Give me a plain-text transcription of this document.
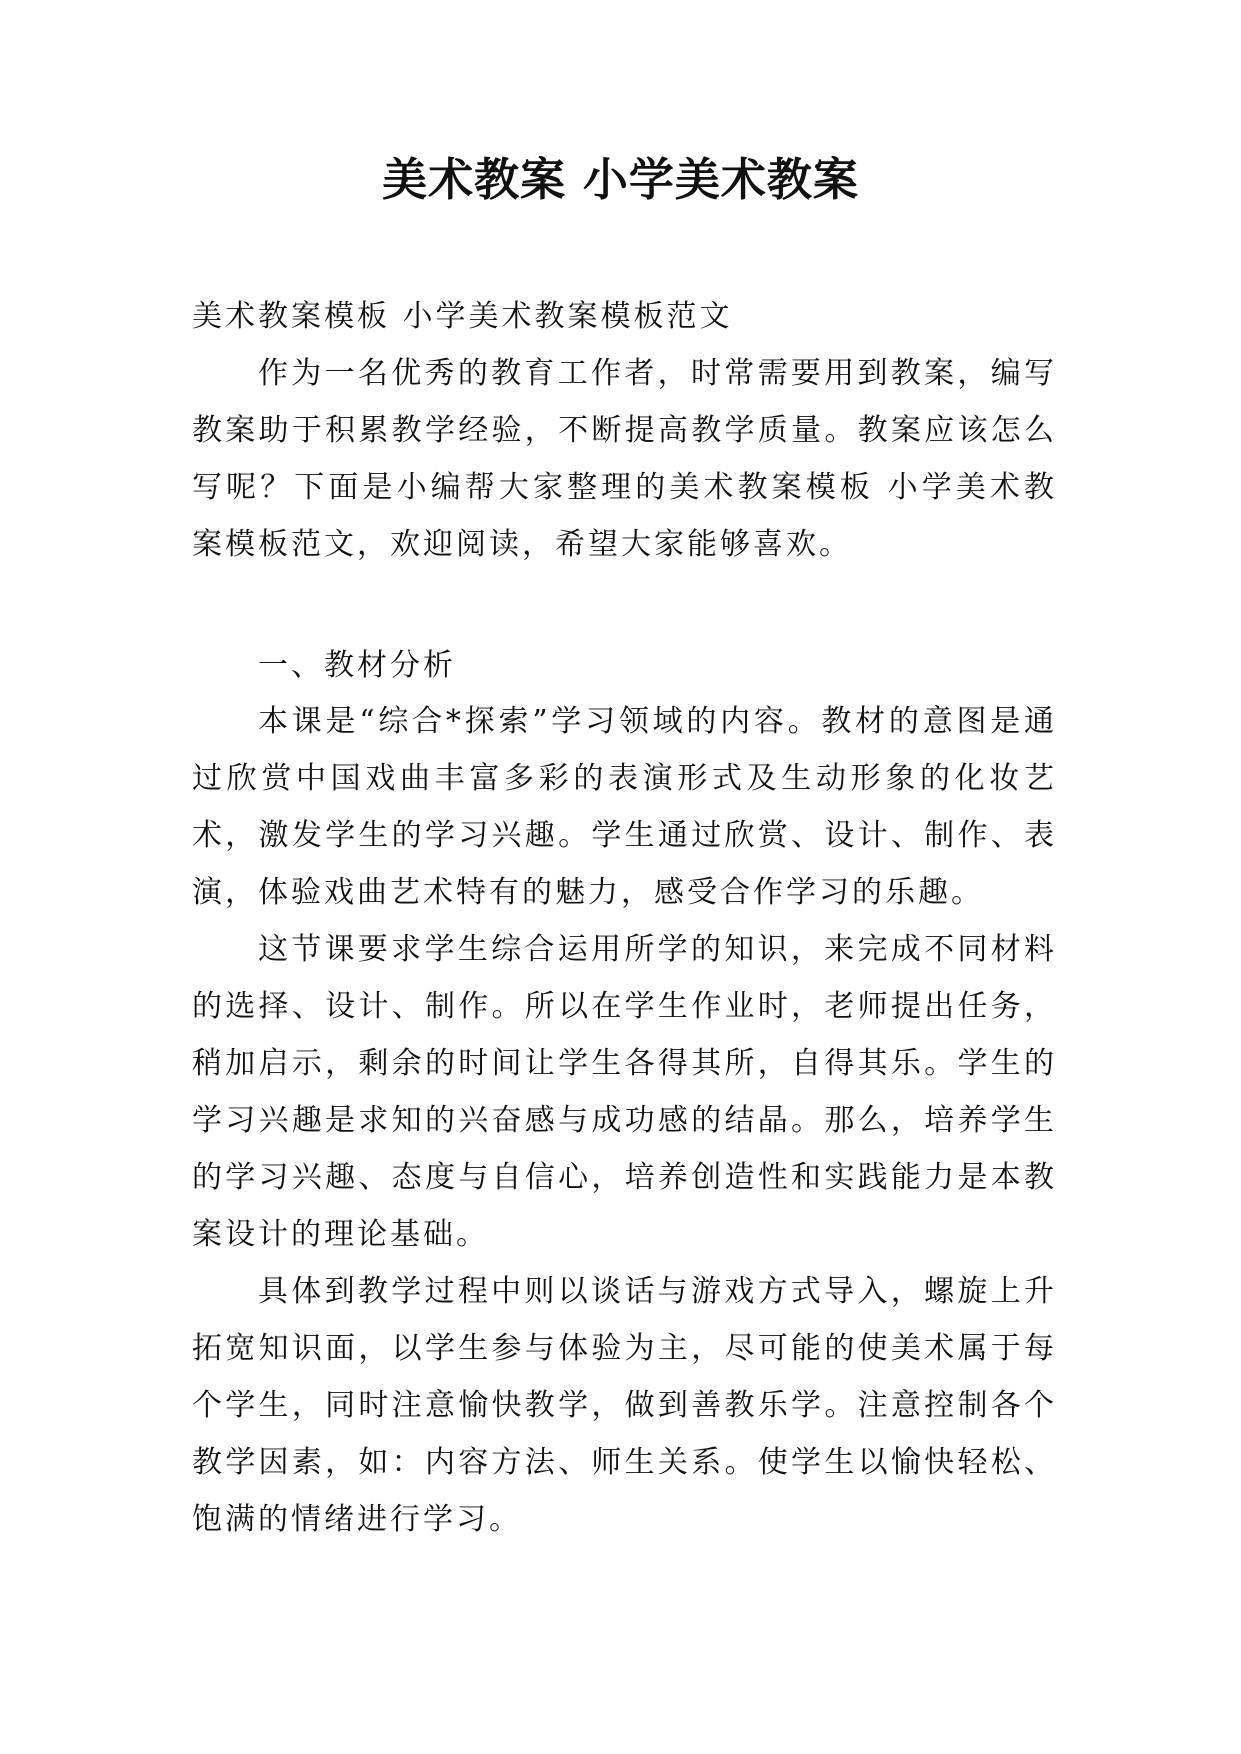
美术教案 小学美术教案

美术教案模板 小学美术教案模板范文

作为一名优秀的教育工作者，时常需要用到教案，编写教案助于积累教学经验，不断提高教学质量。教案应该怎么写呢？下面是小编帮大家整理的美术教案模板 小学美术教案模板范文，欢迎阅读，希望大家能够喜欢。

一、教材分析

本课是“综合*探索”学习领域的内容。教材的意图是通过欣赏中国戏曲丰富多彩的表演形式及生动形象的化妆艺术，激发学生的学习兴趣。学生通过欣赏、设计、制作、表演，体验戏曲艺术特有的魅力，感受合作学习的乐趣。

这节课要求学生综合运用所学的知识，来完成不同材料的选择、设计、制作。所以在学生作业时，老师提出任务，稍加启示，剩余的时间让学生各得其所，自得其乐。学生的学习兴趣是求知的兴奋感与成功感的结晶。那么，培养学生的学习兴趣、态度与自信心，培养创造性和实践能力是本教案设计的理论基础。

具体到教学过程中则以谈话与游戏方式导入，螺旋上升拓宽知识面，以学生参与体验为主，尽可能的使美术属于每个学生，同时注意愉快教学，做到善教乐学。注意控制各个教学因素，如：内容方法、师生关系。使学生以愉快轻松、饱满的情绪进行学习。
